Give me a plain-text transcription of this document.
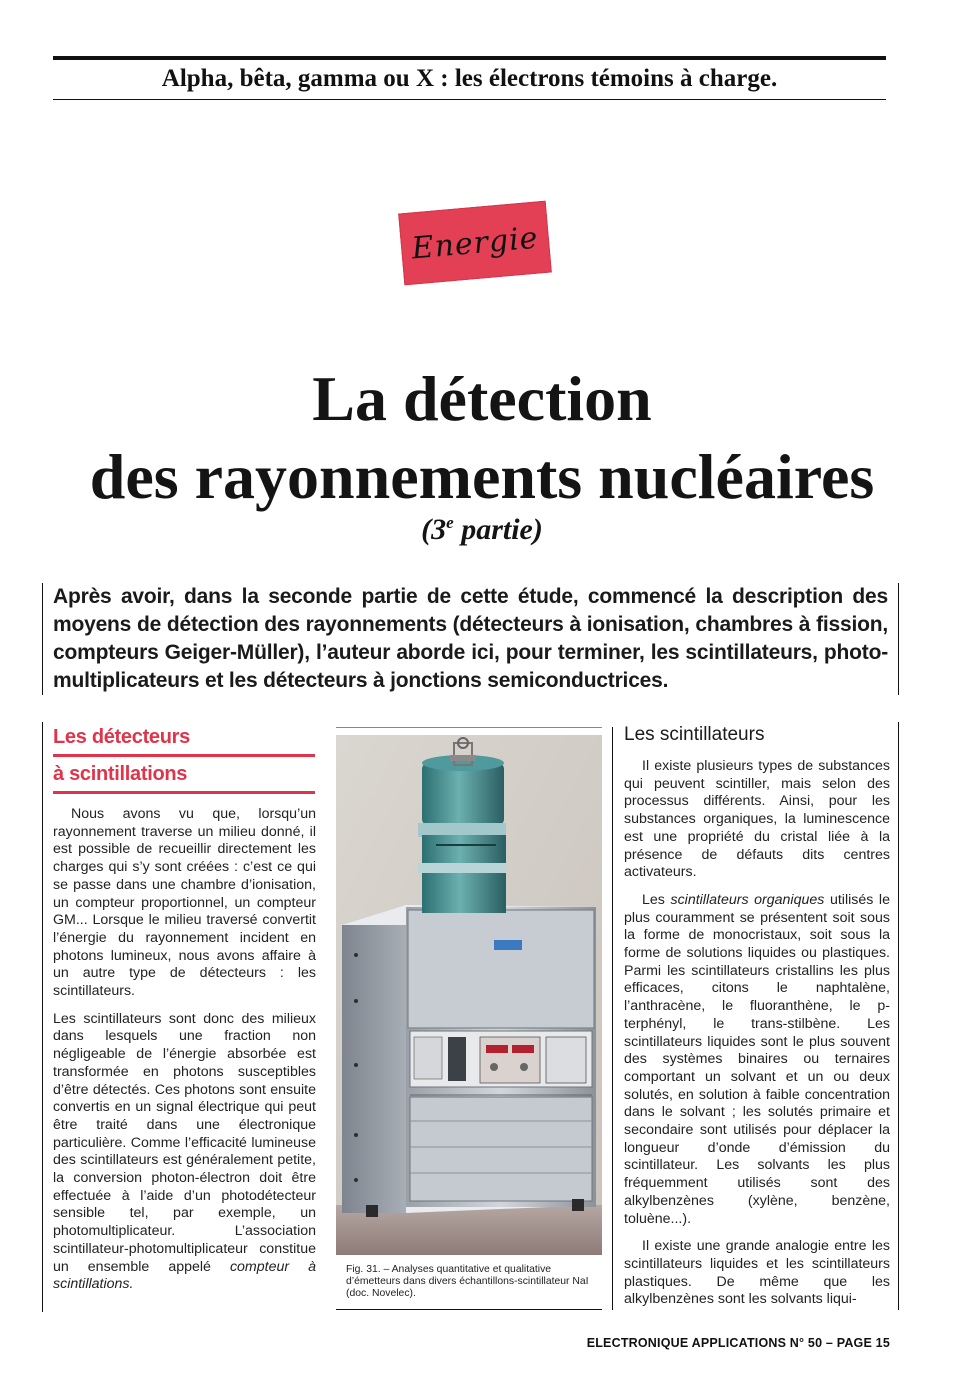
Alpha, bêta, gamma ou X : les électrons témoins à charge.
Energie
La détection
des rayonnements nucléaires
(3e partie)
Après avoir, dans la seconde partie de cette étude, commencé la description des moyens de détection des rayonnements (détecteurs à ionisation, chambres à fission, compteurs Geiger-Müller), l’auteur aborde ici, pour terminer, les scintillateurs, photo-multiplicateurs et les détecteurs à jonctions semiconductrices.
Les détecteurs
à scintillations

Nous avons vu que, lorsqu’un rayonnement traverse un milieu donné, il est possible de recueillir directement les charges qui s’y sont créées : c’est ce qui se passe dans une chambre d’ionisation, un compteur proportionnel, un compteur GM... Lorsque le milieu traversé convertit l’énergie du rayonnement incident en photons lumineux, nous avons affaire à un autre type de détecteurs : les scintillateurs.

Les scintillateurs sont donc des milieux dans lesquels une fraction non négligeable de l’énergie absorbée est transformée en photons susceptibles d’être détectés. Ces photons sont ensuite convertis en un signal électrique qui peut être traité dans une électronique particulière. Comme l’efficacité lumineuse des scintillateurs est généralement petite, la conversion photon-électron doit être effectuée à l’aide d’un photodétecteur sensible tel, par exemple, un photomultiplicateur. L’association scintillateur-photomultiplicateur constitue un ensemble appelé compteur à scintillations.

Fig. 31. – Analyses quantitative et qualitative d’émetteurs dans divers échantillons-scintillateur NaI (doc. Novelec).
Les scintillateurs

Il existe plusieurs types de substances qui peuvent scintiller, mais selon des processus différents. Ainsi, pour les substances organiques, la luminescence est une propriété du cristal liée à la présence de défauts dits centres activateurs.

Les scintillateurs organiques utilisés le plus couramment se présentent soit sous la forme de monocristaux, soit sous la forme de solutions liquides ou plastiques. Parmi les scintillateurs cristallins les plus efficaces, citons le naphtalène, l’anthracène, le fluoranthène, le p-terphényl, le trans-stilbène. Les scintillateurs liquides sont le plus souvent des systèmes binaires ou ternaires comportant un solvant et un ou deux solutés, en solution à faible concentration dans le solvant ; les solutés primaire et secondaire sont utilisés pour déplacer la longueur d’onde d’émission du scintillateur. Les solvants les plus fréquemment utilisés sont des alkylbenzènes (xylène, benzène, toluène...).

Il existe une grande analogie entre les scintillateurs liquides et les scintillateurs plastiques. De même que les alkylbenzènes sont les solvants liqui-

ELECTRONIQUE APPLICATIONS N° 50 – PAGE 15
